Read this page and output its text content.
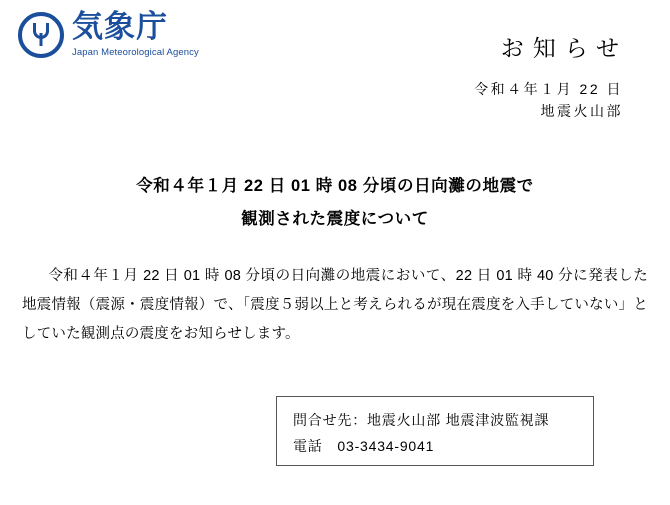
気象庁
Japan Meteorological Agency	お知らせ
令和４年１月 22 日
地震火山部
令和４年１月 22 日 01 時 08 分頃の日向灘の地震で
観測された震度について
令和４年１月 22 日 01 時 08 分頃の日向灘の地震において、22 日 01 時 40 分に発表した地震情報（震源・震度情報）で、「震度５弱以上と考えられるが現在震度を入手していない」としていた観測点の震度をお知らせします。
問合せ先：地震火山部 地震津波監視課
電話　03-3434-9041
